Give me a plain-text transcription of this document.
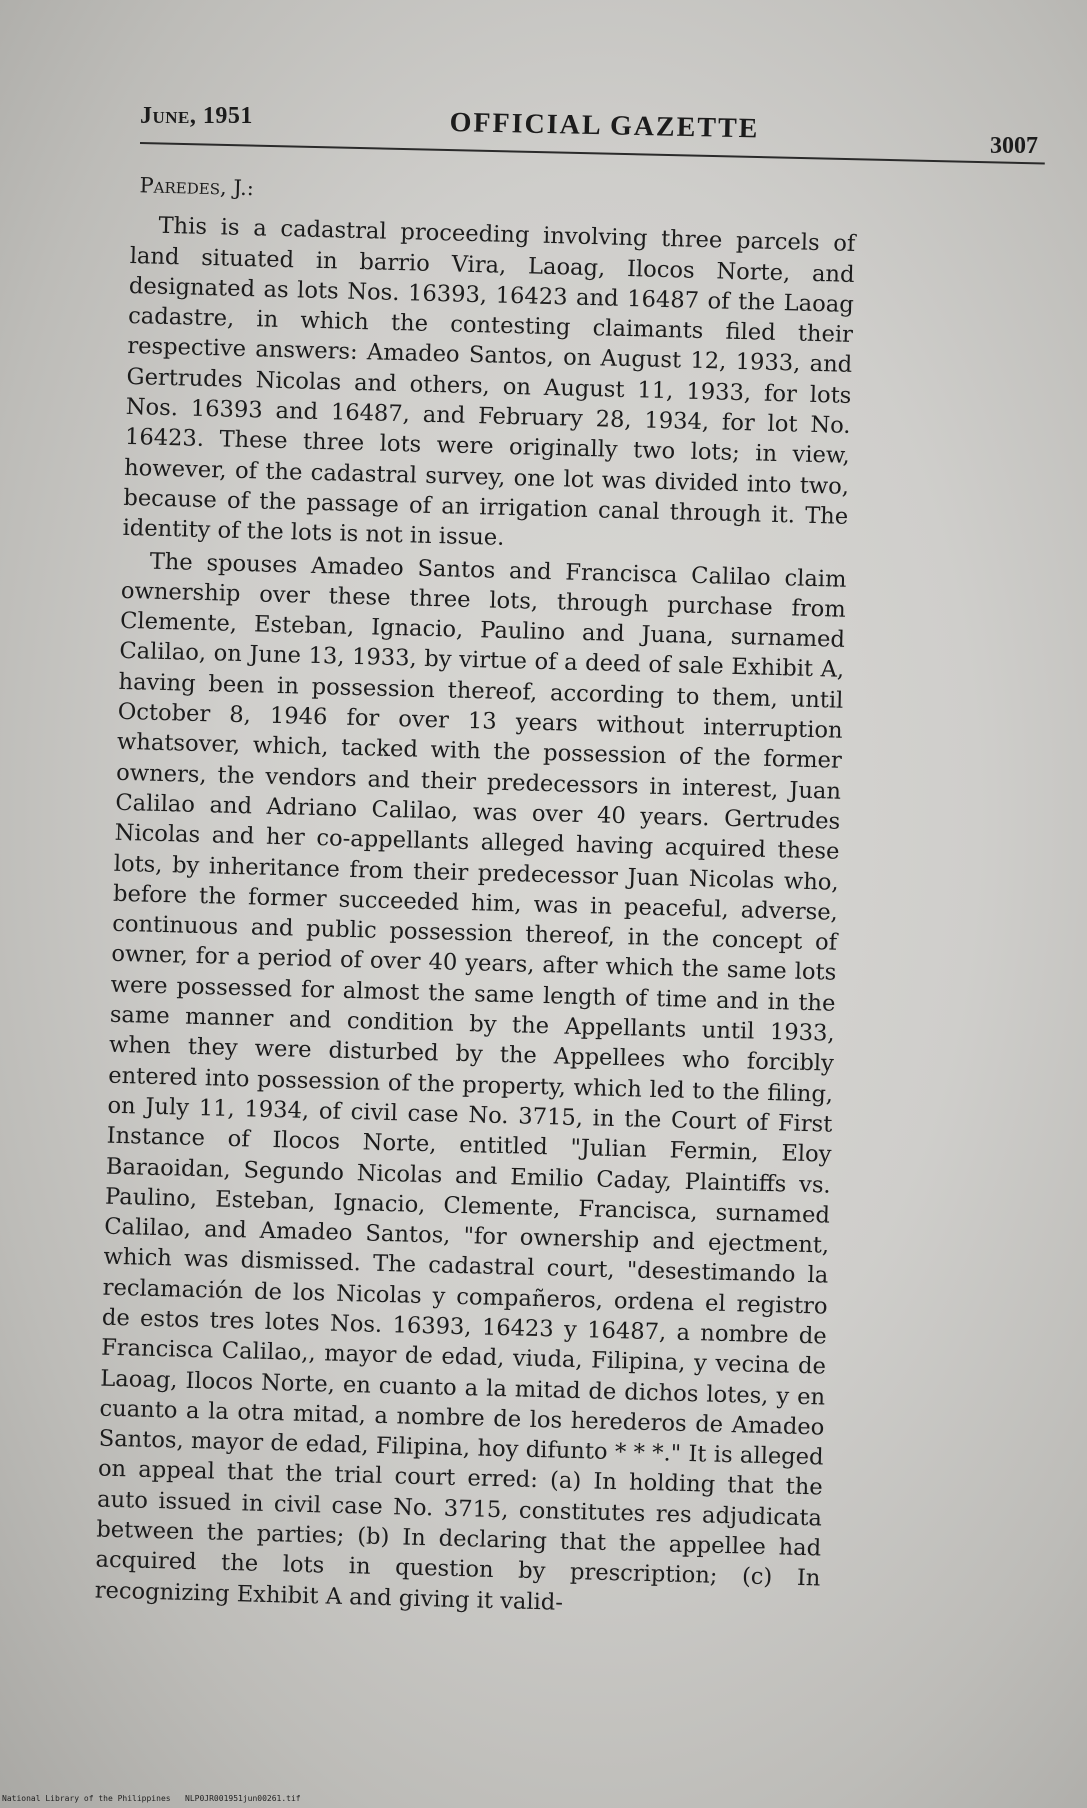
June, 1951	OFFICIAL GAZETTE
3007

Paredes, J.:

This is a cadastral proceeding involving three parcels of land situated in barrio Vira, Laoag, Ilocos Norte, and designated as lots Nos. 16393, 16423 and 16487 of the Laoag cadastre, in which the contesting claimants filed their respective answers: Amadeo Santos, on August 12, 1933, and Gertrudes Nicolas and others, on August 11, 1933, for lots Nos. 16393 and 16487, and February 28, 1934, for lot No. 16423. These three lots were originally two lots; in view, however, of the cadastral survey, one lot was divided into two, because of the passage of an irrigation canal through it. The identity of the lots is not in issue.

The spouses Amadeo Santos and Francisca Calilao claim ownership over these three lots, through purchase from Clemente, Esteban, Ignacio, Paulino and Juana, surnamed Calilao, on June 13, 1933, by virtue of a deed of sale Exhibit A, having been in possession thereof, according to them, until October 8, 1946 for over 13 years without interruption whatsover, which, tacked with the possession of the former owners, the vendors and their predecessors in interest, Juan Calilao and Adriano Calilao, was over 40 years. Gertrudes Nicolas and her co-appellants alleged having acquired these lots, by inheritance from their predecessor Juan Nicolas who, before the former succeeded him, was in peaceful, adverse, continuous and public possession thereof, in the concept of owner, for a period of over 40 years, after which the same lots were possessed for almost the same length of time and in the same manner and condition by the Appellants until 1933, when they were disturbed by the Appellees who forcibly entered into possession of the property, which led to the filing, on July 11, 1934, of civil case No. 3715, in the Court of First Instance of Ilocos Norte, entitled "Julian Fermin, Eloy Baraoidan, Segundo Nicolas and Emilio Caday, Plaintiffs vs. Paulino, Esteban, Ignacio, Clemente, Francisca, surnamed Calilao, and Amadeo Santos, "for ownership and ejectment, which was dismissed. The cadastral court, "desestimando la reclamación de los Nicolas y compañeros, ordena el registro de estos tres lotes Nos. 16393, 16423 y 16487, a nombre de Francisca Calilao,, mayor de edad, viuda, Filipina, y vecina de Laoag, Ilocos Norte, en cuanto a la mitad de dichos lotes, y en cuanto a la otra mitad, a nombre de los herederos de Amadeo Santos, mayor de edad, Filipina, hoy difunto * * *." It is alleged on appeal that the trial court erred: (a) In holding that the auto issued in civil case No. 3715, constitutes res adjudicata between the parties; (b) In declaring that the appellee had acquired the lots in question by prescription; (c) In recognizing Exhibit A and giving it valid-

National Library of the Philippines NLP0JR001951jun00261.tif
